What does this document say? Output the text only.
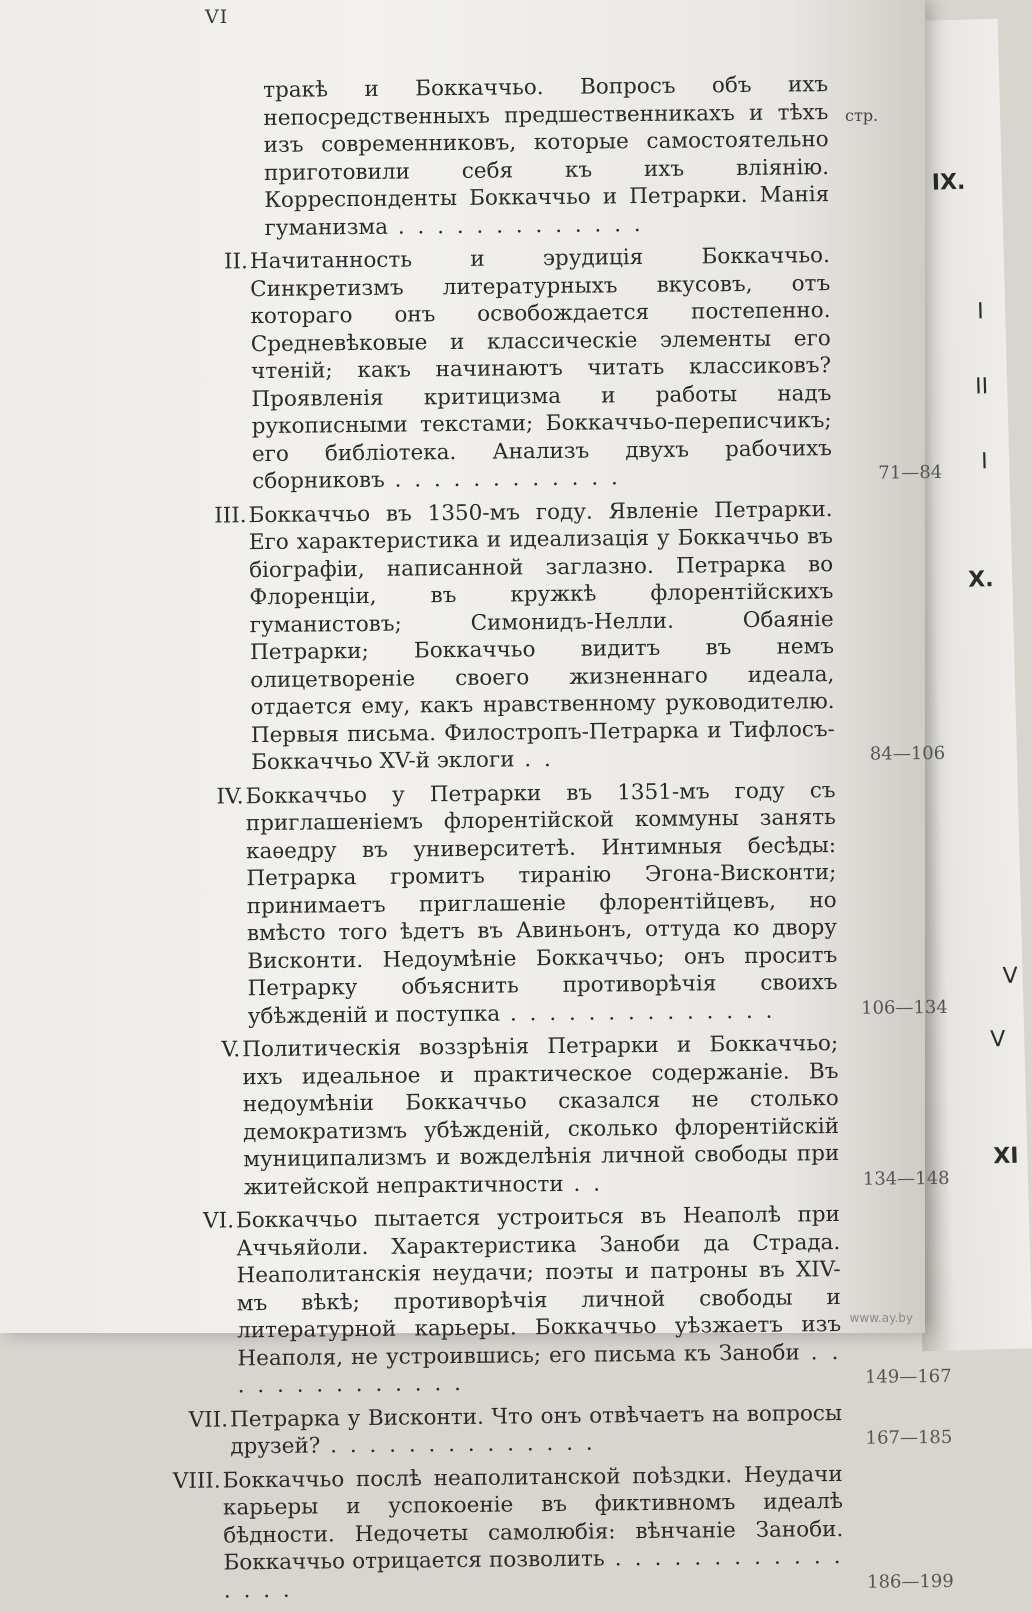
IX.
I
II
I
X.
V
V
XI
VI
стр.
тракѣ и Боккаччьо. Вопросъ объ ихъ непосредственныхъ предшественникахъ и тѣхъ изъ современниковъ, которые самостоятельно приготовили себя къ ихъ влiянiю. Корреспонденты Боккаччьо и Петрарки. Манiя гуманизма . . . . . . . . . . . . .
II.
71—84
Начитанность и эрудицiя Боккаччьо. Синкретизмъ литературныхъ вкусовъ, отъ котораго онъ освобождается постепенно. Средневѣковые и классическiе элементы его чтенiй; какъ начинаютъ читать классиковъ? Проявленiя критицизма и работы надъ рукописными текстами; Боккаччьо-переписчикъ; его библiотека. Анализъ двухъ рабочихъ сборниковъ . . . . . . . . . . . .
III.
84—106
Боккаччьо въ 1350-мъ году. Явленiе Петрарки. Его характеристика и идеализацiя у Боккаччьо въ бiографiи, написанной заглазно. Петрарка во Флоренцiи, въ кружкѣ флорентiйскихъ гуманистовъ; Симонидъ-Нелли. Обаянiе Петрарки; Боккаччьо видитъ въ немъ олицетворенiе своего жизненнаго идеала, отдается ему, какъ нравственному руководителю. Первыя письма. Филостропъ-Петрарка и Тифлосъ-Боккаччьо XV-й эклоги . .
IV.
106—134
Боккаччьо у Петрарки въ 1351-мъ году съ приглашенiемъ флорентiйской коммуны занять каѳедру въ университетѣ. Интимныя бесѣды: Петрарка громитъ тиранiю Эгона-Висконти; принимаетъ приглашенiе флорентiйцевъ, но вмѣсто того ѣдетъ въ Авиньонъ, оттуда ко двору Висконти. Недоумѣнiе Боккаччьо; онъ проситъ Петрарку объяснить противорѣчiя своихъ убѣжденiй и поступка . . . . . . . . . . . . . .
V.
134—148
Политическiя воззрѣнiя Петрарки и Боккаччьо; ихъ идеальное и практическое содержанiе. Въ недоумѣнiи Боккаччьо сказался не столько демократизмъ убѣжденiй, сколько флорентiйскiй муниципализмъ и вожделѣнiя личной свободы при житейской непрактичности . .
VI.
149—167
Боккаччьо пытается устроиться въ Неаполѣ при Аччьяйоли. Характеристика Заноби да Страда. Неаполитанскiя неудачи; поэты и патроны въ XIV-мъ вѣкѣ; противорѣчiя личной свободы и литературной карьеры. Боккаччьо уѣзжаетъ изъ Неаполя, не устроившись; его письма къ Заноби . . . . . . . . . . . . . .
VII.
167—185
Петрарка у Висконти. Что онъ отвѣчаетъ на вопросы друзей? . . . . . . . . . . . . . .
VIII.
186—199
Боккаччьо послѣ неаполитанской поѣздки. Неудачи карьеры и успокоенiе въ фиктивномъ идеалѣ бѣдности. Недочеты самолюбiя: вѣнчанiе Заноби. Боккаччьо отрицается позволить . . . . . . . . . . . . . . . .
www.ay.by
